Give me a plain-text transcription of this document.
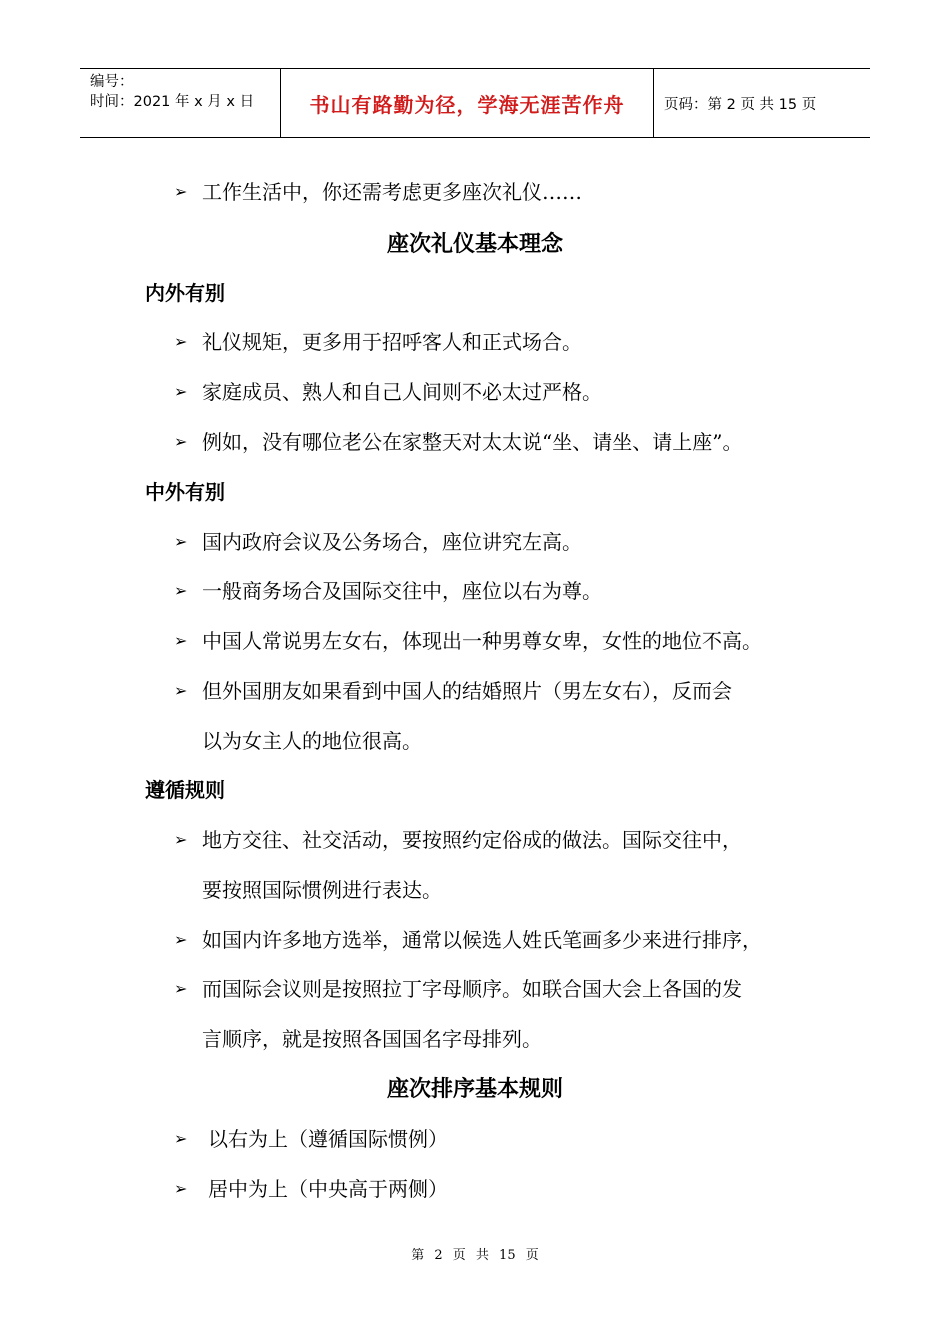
编号：
时间：2021 年 x 月 x 日	书山有路勤为径，学海无涯苦作舟	页码：第 2 页 共 15 页
➢ 工作生活中，你还需考虑更多座次礼仪……
座次礼仪基本理念
内外有别
➢ 礼仪规矩，更多用于招呼客人和正式场合。
➢ 家庭成员、熟人和自己人间则不必太过严格。
➢ 例如，没有哪位老公在家整天对太太说“坐、请坐、请上座”。
中外有别
➢ 国内政府会议及公务场合，座位讲究左高。
➢ 一般商务场合及国际交往中，座位以右为尊。
➢ 中国人常说男左女右，体现出一种男尊女卑，女性的地位不高。
➢ 但外国朋友如果看到中国人的结婚照片（男左女右），反而会
以为女主人的地位很高。
遵循规则
➢ 地方交往、社交活动，要按照约定俗成的做法。国际交往中，
要按照国际惯例进行表达。
➢ 如国内许多地方选举，通常以候选人姓氏笔画多少来进行排序，
➢ 而国际会议则是按照拉丁字母顺序。如联合国大会上各国的发
言顺序，就是按照各国国名字母排列。
座次排序基本规则
➢ 以右为上（遵循国际惯例）
➢ 居中为上（中央高于两侧）
第 2 页 共 15 页
